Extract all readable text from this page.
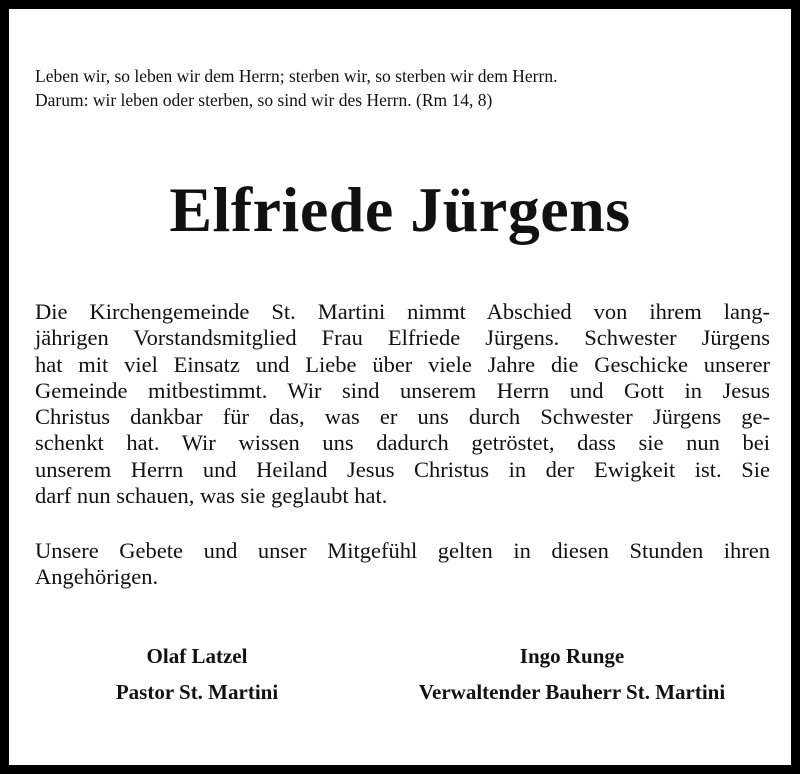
Leben wir, so leben wir dem Herrn; sterben wir, so sterben wir dem Herrn.
Darum: wir leben oder sterben, so sind wir des Herrn. (Rm 14, 8)
Elfriede Jürgens
Die Kirchengemeinde St. Martini nimmt Abschied von ihrem lang-
jährigen Vorstandsmitglied Frau Elfriede Jürgens. Schwester Jürgens
hat mit viel Einsatz und Liebe über viele Jahre die Geschicke unserer
Gemeinde mitbestimmt. Wir sind unserem Herrn und Gott in Jesus
Christus dankbar für das, was er uns durch Schwester Jürgens ge-
schenkt hat. Wir wissen uns dadurch getröstet, dass sie nun bei
unserem Herrn und Heiland Jesus Christus in der Ewigkeit ist. Sie
darf nun schauen, was sie geglaubt hat.
Unsere Gebete und unser Mitgefühl gelten in diesen Stunden ihren
Angehörigen.
Olaf Latzel
Pastor St. Martini
Ingo Runge
Verwaltender Bauherr St. Martini
